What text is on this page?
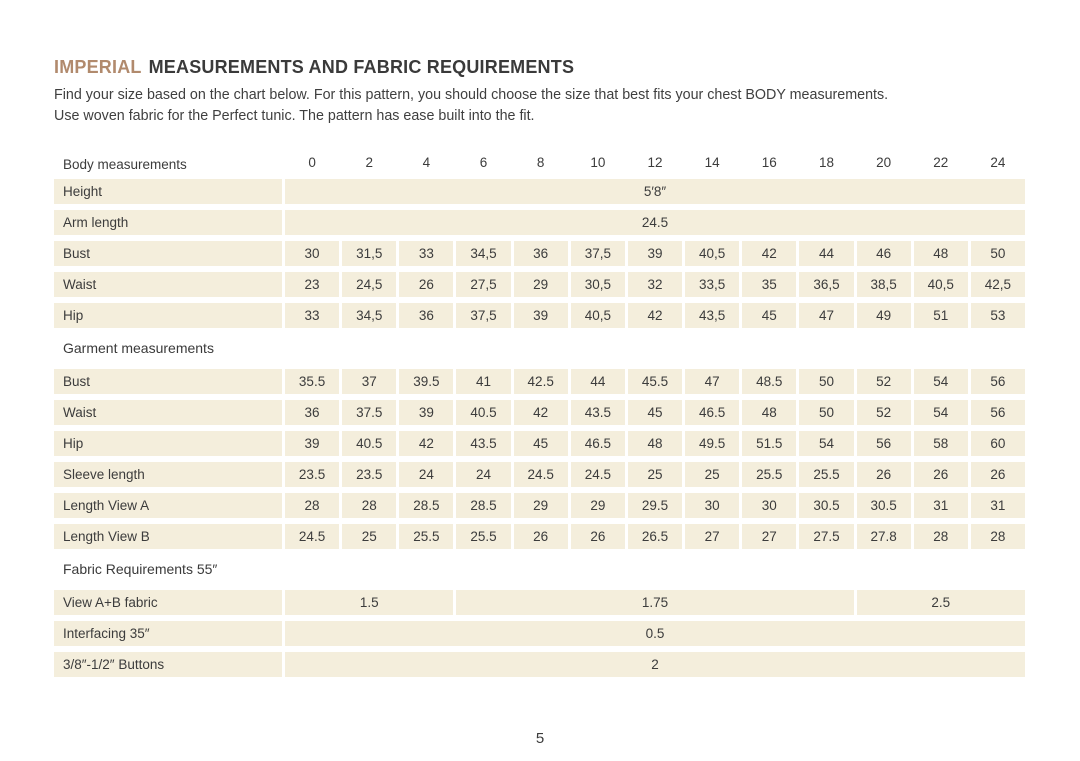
IMPERIAL MEASUREMENTS AND FABRIC REQUIREMENTS
Find your size based on the chart below. For this pattern, you should choose the size that best fits your chest BODY measurements.
Use woven fabric for the Perfect tunic. The pattern has ease built into the fit.
Body measurements	0	2	4	6	8	10	12	14	16	18	20	22	24
Height	5′8″
Arm length	24.5
Bust	30	31,5	33	34,5	36	37,5	39	40,5	42	44	46	48	50
Waist	23	24,5	26	27,5	29	30,5	32	33,5	35	36,5	38,5	40,5	42,5
Hip	33	34,5	36	37,5	39	40,5	42	43,5	45	47	49	51	53
Garment measurements
Bust	35.5	37	39.5	41	42.5	44	45.5	47	48.5	50	52	54	56
Waist	36	37.5	39	40.5	42	43.5	45	46.5	48	50	52	54	56
Hip	39	40.5	42	43.5	45	46.5	48	49.5	51.5	54	56	58	60
Sleeve length	23.5	23.5	24	24	24.5	24.5	25	25	25.5	25.5	26	26	26
Length View A	28	28	28.5	28.5	29	29	29.5	30	30	30.5	30.5	31	31
Length View B	24.5	25	25.5	25.5	26	26	26.5	27	27	27.5	27.8	28	28
Fabric Requirements 55″
View A+B fabric	1.5	1.75	2.5
Interfacing 35″	0.5
3/8″-1/2″ Buttons	2
5
